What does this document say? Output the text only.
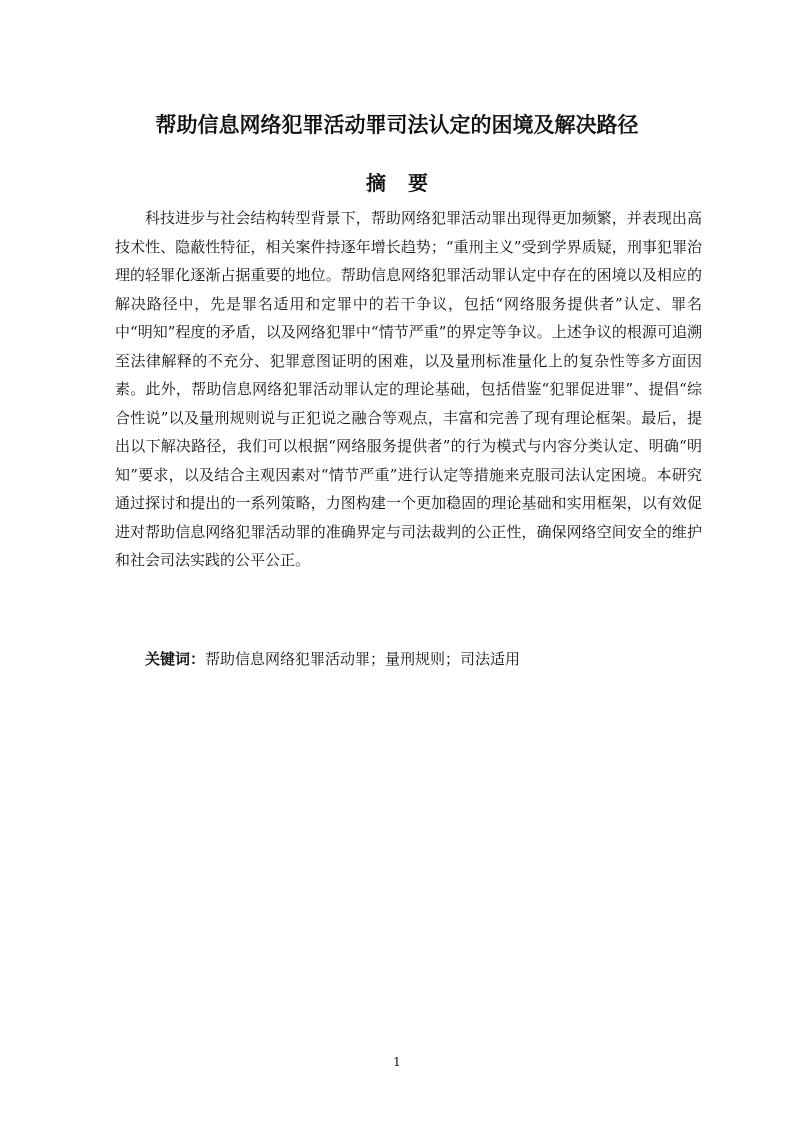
帮助信息网络犯罪活动罪司法认定的困境及解决路径
摘要

科技进步与社会结构转型背景下，帮助网络犯罪活动罪出现得更加频繁，并表现出高技术性、隐蔽性特征，相关案件持逐年增长趋势；“重刑主义”受到学界质疑，刑事犯罪治理的轻罪化逐渐占据重要的地位。帮助信息网络犯罪活动罪认定中存在的困境以及相应的解决路径中，先是罪名适用和定罪中的若干争议，包括“网络服务提供者”认定、罪名中“明知”程度的矛盾，以及网络犯罪中“情节严重”的界定等争议。上述争议的根源可追溯至法律解释的不充分、犯罪意图证明的困难，以及量刑标准量化上的复杂性等多方面因素。此外，帮助信息网络犯罪活动罪认定的理论基础，包括借鉴“犯罪促进罪”、提倡“综合性说”以及量刑规则说与正犯说之融合等观点，丰富和完善了现有理论框架。最后，提出以下解决路径，我们可以根据“网络服务提供者”的行为模式与内容分类认定、明确“明知”要求，以及结合主观因素对“情节严重”进行认定等措施来克服司法认定困境。本研究通过探讨和提出的一系列策略，力图构建一个更加稳固的理论基础和实用框架，以有效促进对帮助信息网络犯罪活动罪的准确界定与司法裁判的公正性，确保网络空间安全的维护和社会司法实践的公平公正。

关键词：帮助信息网络犯罪活动罪；量刑规则；司法适用

1
